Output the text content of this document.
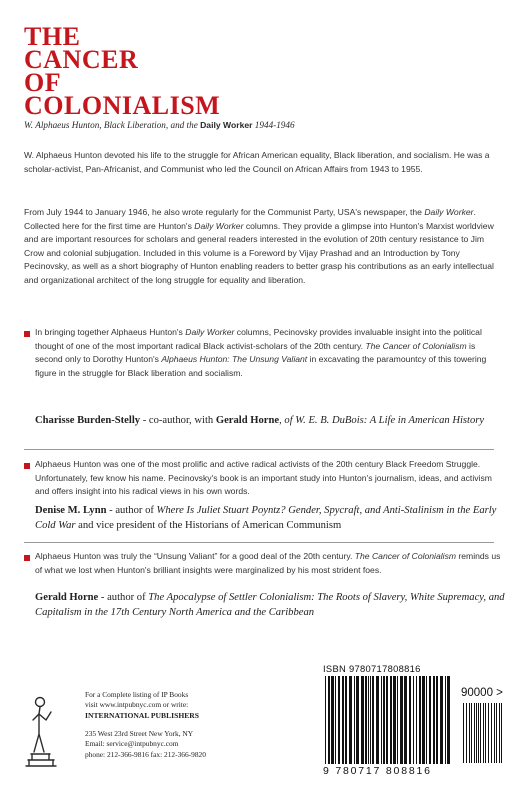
THE
CANCER
OF
COLONIALISM
W. Alphaeus Hunton, Black Liberation, and the Daily Worker 1944-1946

W. Alphaeus Hunton devoted his life to the struggle for African American equality, Black liberation, and socialism. He was a scholar-activist, Pan-Africanist, and Communist who led the Council on African Affairs from 1943 to 1955.

From July 1944 to January 1946, he also wrote regularly for the Communist Party, USA's newspaper, the Daily Worker. Collected here for the first time are Hunton's Daily Worker columns. They provide a glimpse into Hunton's Marxist worldview and are important resources for scholars and general readers interested in the evolution of 20th century resistance to Jim Crow and colonial subjugation. Included in this volume is a Foreword by Vijay Prashad and an Introduction by Tony Pecinovsky, as well as a short biography of Hunton enabling readers to better grasp his contributions as an early intellectual and organizational architect of the long struggle for equality and liberation.

In bringing together Alphaeus Hunton's Daily Worker columns, Pecinovsky provides invaluable insight into the political thought of one of the most important radical Black activist-scholars of the 20th century. The Cancer of Colonialism is second only to Dorothy Hunton's Alphaeus Hunton: The Unsung Valiant in excavating the paramountcy of this towering figure in the struggle for Black liberation and socialism.

Charisse Burden-Stelly - co-author, with Gerald Horne, of W. E. B. DuBois: A Life in American History

Alphaeus Hunton was one of the most prolific and active radical activists of the 20th century Black Freedom Struggle. Unfortunately, few know his name. Pecinovsky's book is an important study into Hunton's journalism, ideas, and activism and offers insight into his radical views in his own words.

Denise M. Lynn - author of Where Is Juliet Stuart Poyntz? Gender, Spycraft, and Anti-Stalinism in the Early Cold War and vice president of the Historians of American Communism

Alphaeus Hunton was truly the “Unsung Valiant” for a good deal of the 20th century. The Cancer of Colonialism reminds us of what we lost when Hunton's brilliant insights were marginalized by his most strident foes.

Gerald Horne - author of The Apocalypse of Settler Colonialism: The Roots of Slavery, White Supremacy, and Capitalism in the 17th Century North America and the Caribbean

For a Complete listing of IP Books

visit www.intpubnyc.com or write:

INTERNATIONAL PUBLISHERS

235 West 23rd Street New York, NY

Email: service@intpubnyc.com

phone: 212-366-9816 fax: 212-366-9820

ISBN 9780717808816
90000 >
9 780717 808816
